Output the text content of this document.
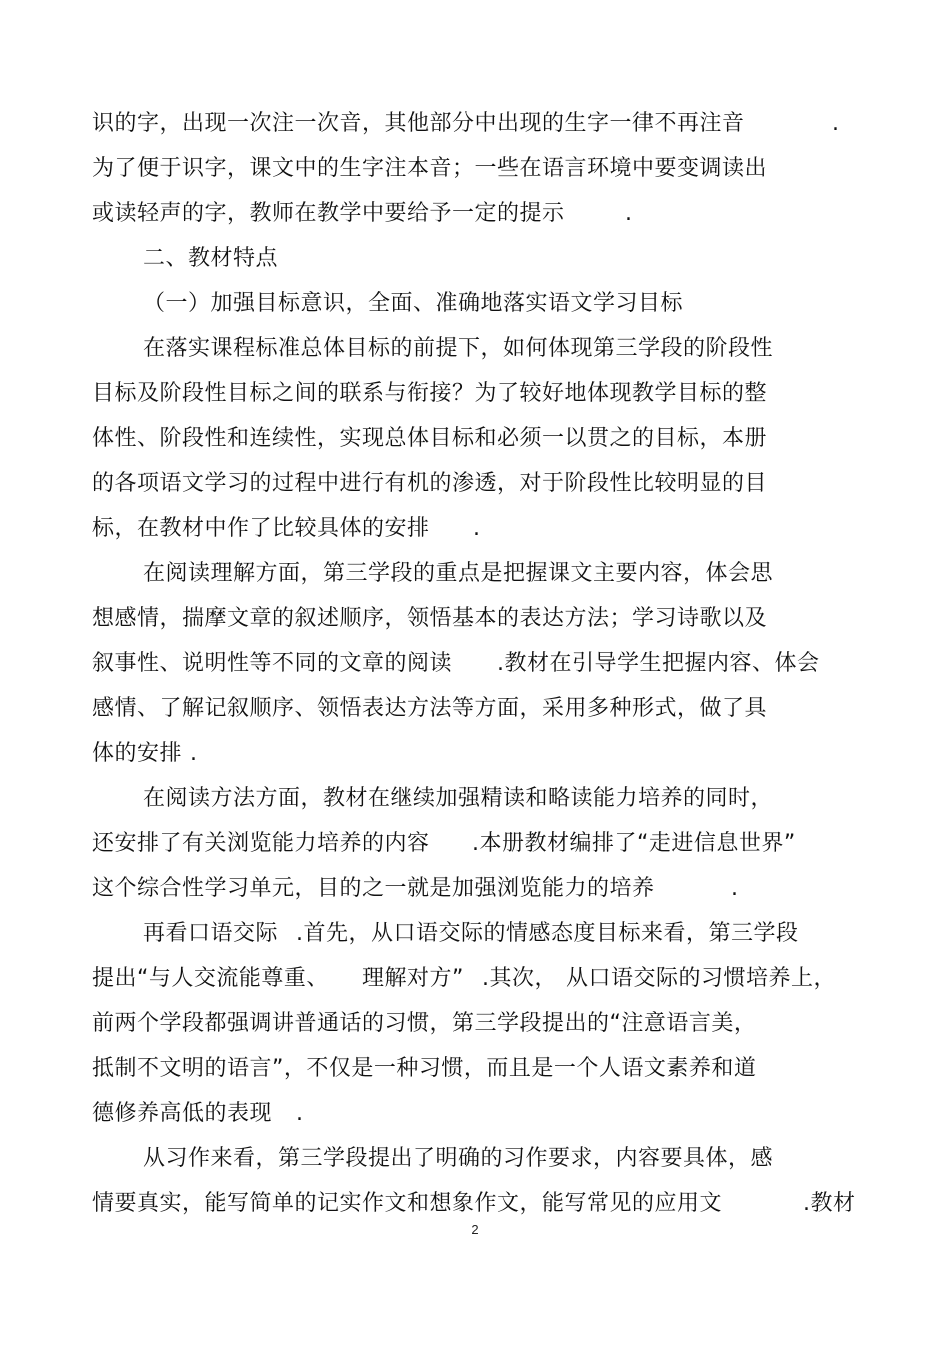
识的字，出现一次注一次音，其他部分中出现的生字一律不再注音	.
为了便于识字，课文中的生字注本音；一些在语言环境中要变调读出
或读轻声的字，教师在教学中要给予一定的提示	.
二、教材特点
（一）加强目标意识，全面、准确地落实语文学习目标
在落实课程标准总体目标的前提下，如何体现第三学段的阶段性
目标及阶段性目标之间的联系与衔接？为了较好地体现教学目标的整
体性、阶段性和连续性，实现总体目标和必须一以贯之的目标，本册
的各项语文学习的过程中进行有机的渗透，对于阶段性比较明显的目
标，在教材中作了比较具体的安排 .
在阅读理解方面，第三学段的重点是把握课文主要内容，体会思
想感情，揣摩文章的叙述顺序，领悟基本的表达方法；学习诗歌以及
叙事性、说明性等不同的文章的阅读 .教材在引导学生把握内容、体会
感情、了解记叙顺序、领悟表达方法等方面，采用多种形式，做了具
体的安排 .
在阅读方法方面，教材在继续加强精读和略读能力培养的同时，
还安排了有关浏览能力培养的内容 .本册教材编排了“走进信息世界”
这个综合性学习单元，目的之一就是加强浏览能力的培养	.
再看口语交际 .首先，从口语交际的情感态度目标来看，第三学段
提出“与人交流能尊重、 理解对方” .其次， 从口语交际的习惯培养上，
前两个学段都强调讲普通话的习惯，第三学段提出的“注意语言美，
抵制不文明的语言”，不仅是一种习惯，而且是一个人语文素养和道
德修养高低的表现 .
从习作来看，第三学段提出了明确的习作要求，内容要具体，感
情要真实，能写简单的记实作文和想象作文，能写常见的应用文	.教材
2
